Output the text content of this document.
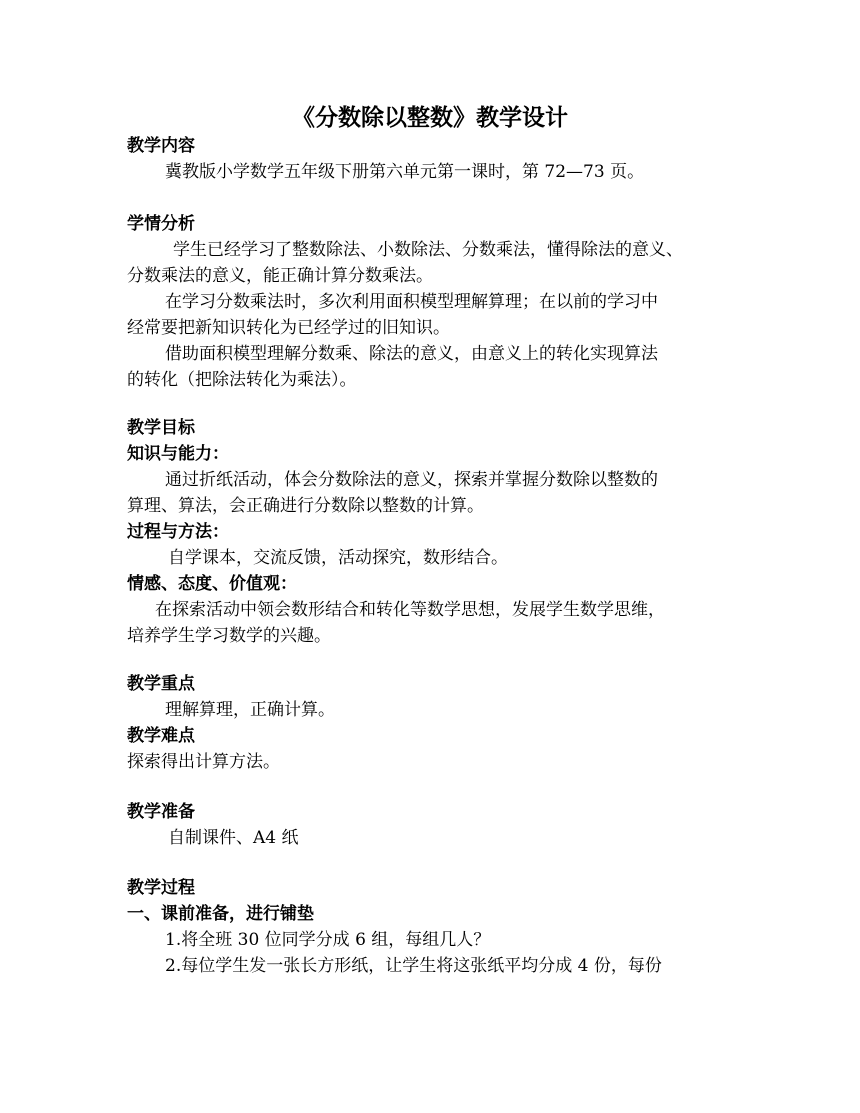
《分数除以整数》教学设计
教学内容
冀教版小学数学五年级下册第六单元第一课时，第 72—73 页。
学情分析
学生已经学习了整数除法、小数除法、分数乘法，懂得除法的意义、
分数乘法的意义，能正确计算分数乘法。
在学习分数乘法时，多次利用面积模型理解算理；在以前的学习中
经常要把新知识转化为已经学过的旧知识。
借助面积模型理解分数乘、除法的意义，由意义上的转化实现算法
的转化（把除法转化为乘法）。
教学目标
知识与能力：
通过折纸活动，体会分数除法的意义，探索并掌握分数除以整数的
算理、算法，会正确进行分数除以整数的计算。
过程与方法：
自学课本，交流反馈，活动探究，数形结合。
情感、态度、价值观：
在探索活动中领会数形结合和转化等数学思想，发展学生数学思维，
培养学生学习数学的兴趣。
教学重点
理解算理，正确计算。
教学难点
探索得出计算方法。
教学准备
自制课件、A4 纸
教学过程
一、课前准备，进行铺垫
1.将全班 30 位同学分成 6 组，每组几人？
2.每位学生发一张长方形纸，让学生将这张纸平均分成 4 份，每份
